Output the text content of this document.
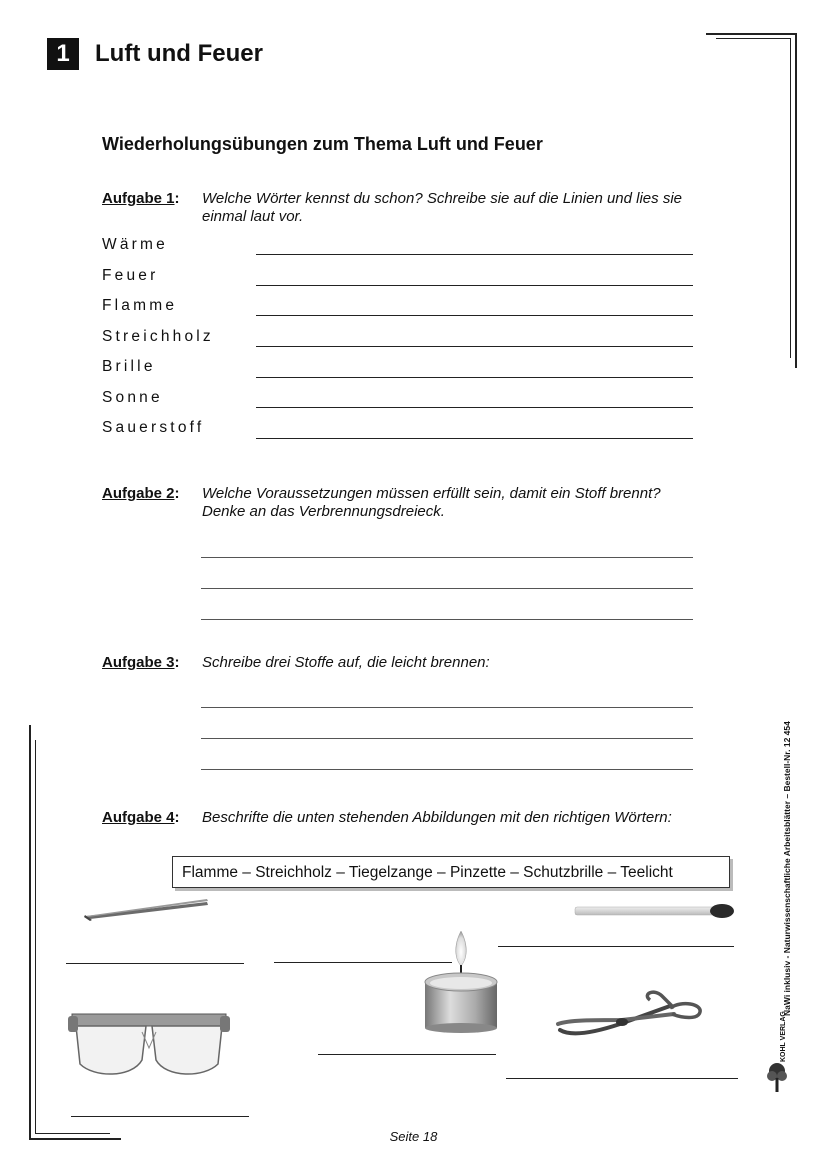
1	Luft und Feuer
Wiederholungsübungen zum Thema Luft und Feuer
Aufgabe 1: Welche Wörter kennst du schon? Schreibe sie auf die Linien und lies sie einmal laut vor.
Wärme
Feuer
Flamme
Streichholz
Brille
Sonne
Sauerstoff
Aufgabe 2: Welche Voraussetzungen müssen erfüllt sein, damit ein Stoff brennt? Denke an das Verbrennungsdreieck.
Aufgabe 3: Schreibe drei Stoffe auf, die leicht brennen:
Aufgabe 4: Beschrifte die unten stehenden Abbildungen mit den richtigen Wörtern:
Flamme – Streichholz – Tiegelzange – Pinzette – Schutzbrille – Teelicht	NaWi inklusiv - Naturwissenschaftliche Arbeitsblätter – Bestell-Nr. 12 454
KOHL VERLAG
Seite 18
